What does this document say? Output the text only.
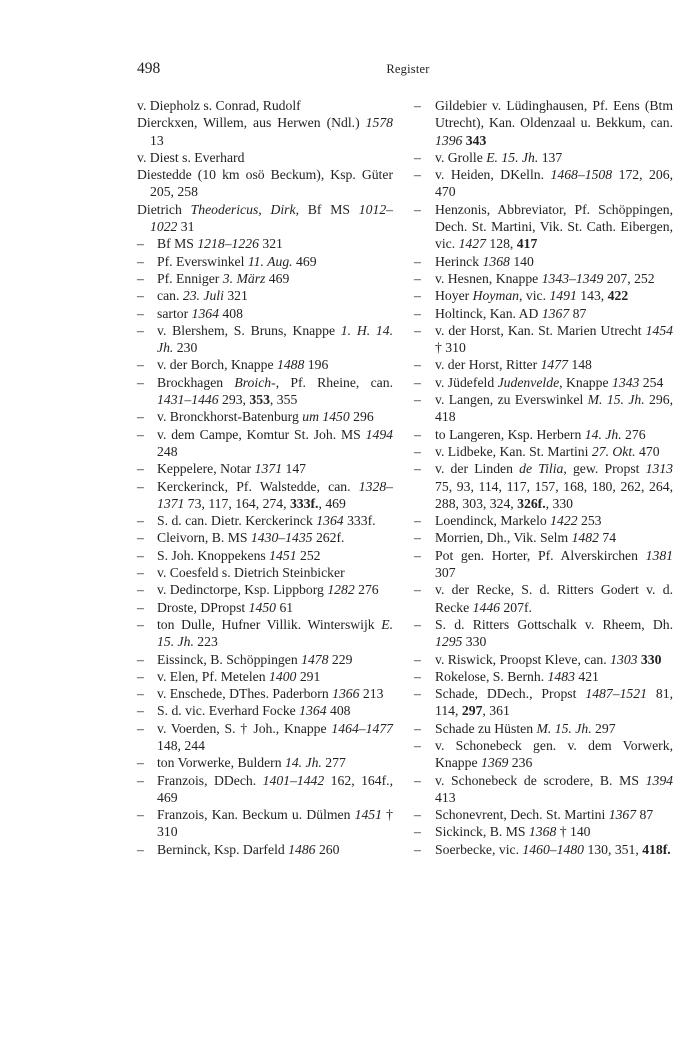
498	Register
v. Diepholz s. Conrad, Rudolf
Dierckxen, Willem, aus Herwen (Ndl.) 1578 13
v. Diest s. Everhard
Diestedde (10 km osö Beckum), Ksp. Güter 205, 258
Dietrich Theodericus, Dirk, Bf MS 1012–1022 31
– Bf MS 1218–1226 321
– Pf. Everswinkel 11. Aug. 469
– Pf. Enniger 3. März 469
– can. 23. Juli 321
– sartor 1364 408
– v. Blershem, S. Bruns, Knappe 1. H. 14. Jh. 230
– v. der Borch, Knappe 1488 196
– Brockhagen Broich-, Pf. Rheine, can. 1431–1446 293, 353, 355
– v. Bronckhorst-Batenburg um 1450 296
– v. dem Campe, Komtur St. Joh. MS 1494 248
– Keppelere, Notar 1371 147
– Kerckerinck, Pf. Walstedde, can. 1328–1371 73, 117, 164, 274, 333f., 469
– S. d. can. Dietr. Kerckerinck 1364 333f.
– Cleivorn, B. MS 1430–1435 262f.
– S. Joh. Knoppekens 1451 252
– v. Coesfeld s. Dietrich Steinbicker
– v. Dedinctorpe, Ksp. Lippborg 1282 276
– Droste, DPropst 1450 61
– ton Dulle, Hufner Villik. Winterswijk E. 15. Jh. 223
– Eissinck, B. Schöppingen 1478 229
– v. Elen, Pf. Metelen 1400 291
– v. Enschede, DThes. Paderborn 1366 213
– S. d. vic. Everhard Focke 1364 408
– v. Voerden, S. † Joh., Knappe 1464–1477 148, 244
– ton Vorwerke, Buldern 14. Jh. 277
– Franzois, DDech. 1401–1442 162, 164f., 469
– Franzois, Kan. Beckum u. Dülmen 1451 † 310
– Berninck, Ksp. Darfeld 1486 260
–	Gildebier v. Lüdinghausen, Pf. Eens (Btm Utrecht), Kan. Oldenzaal u. Bekkum, can. 1396 343
–	v. Grolle E. 15. Jh. 137
–	v. Heiden, DKelln. 1468–1508 172, 206, 470
–	Henzonis, Abbreviator, Pf. Schöppingen, Dech. St. Martini, Vik. St. Cath. Eibergen, vic. 1427 128, 417
–	Herinck 1368 140
–	v. Hesnen, Knappe 1343–1349 207, 252
–	Hoyer Hoyman, vic. 1491 143, 422
–	Holtinck, Kan. AD 1367 87
–	v. der Horst, Kan. St. Marien Utrecht 1454 † 310
–	v. der Horst, Ritter 1477 148
–	v. Jüdefeld Judenvelde, Knappe 1343 254
–	v. Langen, zu Everswinkel M. 15. Jh. 296, 418
–	to Langeren, Ksp. Herbern 14. Jh. 276
–	v. Lidbeke, Kan. St. Martini 27. Okt. 470
–	v. der Linden de Tilia, gew. Propst 1313 75, 93, 114, 117, 157, 168, 180, 262, 264, 288, 303, 324, 326f., 330
–	Loendinck, Markelo 1422 253
–	Morrien, Dh., Vik. Selm 1482 74
–	Pot gen. Horter, Pf. Alverskirchen 1381 307
–	v. der Recke, S. d. Ritters Godert v. d. Recke 1446 207f.
–	S. d. Ritters Gottschalk v. Rheem, Dh. 1295 330
–	v. Riswick, Proopst Kleve, can. 1303 330
–	Rokelose, S. Bernh. 1483 421
–	Schade, DDech., Propst 1487–1521 81, 114, 297, 361
–	Schade zu Hüsten M. 15. Jh. 297
–	v. Schonebeck gen. v. dem Vorwerk, Knappe 1369 236
–	v. Schonebeck de scrodere, B. MS 1394 413
–	Schonevrent, Dech. St. Martini 1367 87
–	Sickinck, B. MS 1368 † 140
–	Soerbecke, vic. 1460–1480 130, 351, 418f.
